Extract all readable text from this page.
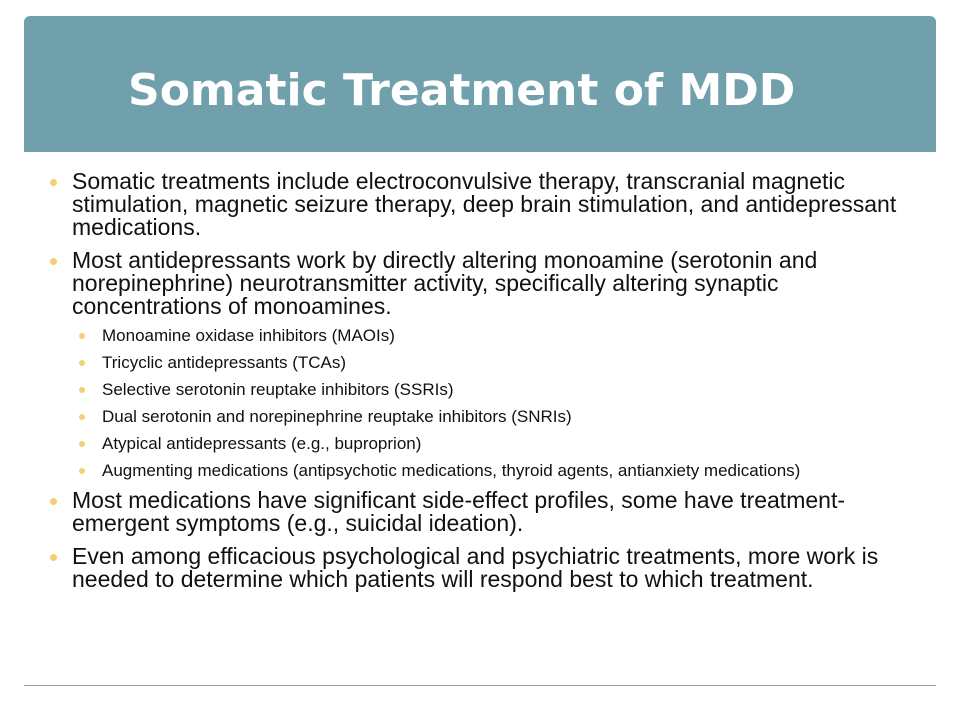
Somatic Treatment of MDD
Somatic treatments include electroconvulsive therapy, transcranial magnetic stimulation, magnetic seizure therapy, deep brain stimulation, and antidepressant medications.
Most antidepressants work by directly altering monoamine (serotonin and norepinephrine) neurotransmitter activity, specifically altering synaptic concentrations of monoamines.
Monoamine oxidase inhibitors (MAOIs)
Tricyclic antidepressants (TCAs)
Selective serotonin reuptake inhibitors (SSRIs)
Dual serotonin and norepinephrine reuptake inhibitors (SNRIs)
Atypical antidepressants (e.g., buproprion)
Augmenting medications (antipsychotic medications, thyroid agents, antianxiety medications)
Most medications have significant side-effect profiles, some have treatment-emergent symptoms (e.g., suicidal ideation).
Even among efficacious psychological and psychiatric treatments, more work is needed to determine which patients will respond best to which treatment.
